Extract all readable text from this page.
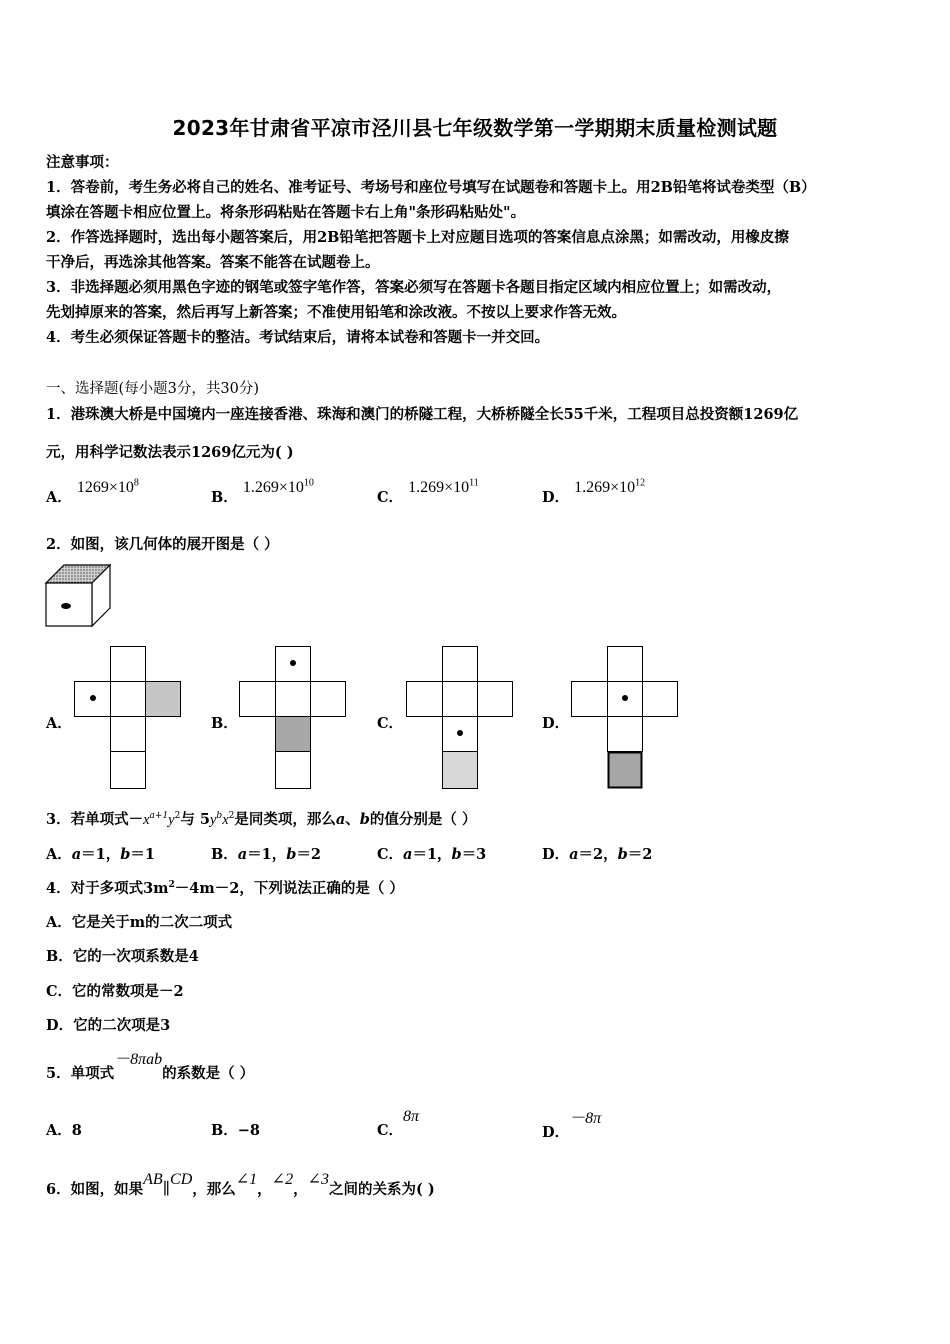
2023年甘肃省平凉市泾川县七年级数学第一学期期末质量检测试题
注意事项：
1．答卷前，考生务必将自己的姓名、准考证号、考场号和座位号填写在试题卷和答题卡上。用2B铅笔将试卷类型（B）
填涂在答题卡相应位置上。将条形码粘贴在答题卡右上角"条形码粘贴处"。
2．作答选择题时，选出每小题答案后，用2B铅笔把答题卡上对应题目选项的答案信息点涂黑；如需改动，用橡皮擦
干净后，再选涂其他答案。答案不能答在试题卷上。
3．非选择题必须用黑色字迹的钢笔或签字笔作答，答案必须写在答题卡各题目指定区域内相应位置上；如需改动，
先划掉原来的答案，然后再写上新答案；不准使用铅笔和涂改液。不按以上要求作答无效。
4．考生必须保证答题卡的整洁。考试结束后，请将本试卷和答题卡一并交回。
一、选择题(每小题3分，共30分)
1．港珠澳大桥是中国境内一座连接香港、珠海和澳门的桥隧工程，大桥桥隧全长55千米，工程项目总投资额1269亿
元，用科学记数法表示1269亿元为( )
A． $1269\times 10^8$
B． $1.269\times 10^{10}$
C． $1.269\times 10^{11}$
D． $1.269\times 10^{12}$
2．如图，该几何体的展开图是（ ）
A．	B．	C．	D．
3．若单项式$-x^{a+1}y^2$与 $5y^bx^2$是同类项，那么a、b的值分别是（ ）
A．a＝1，b＝1	B．a＝1，b＝2	C．a＝1，b＝3	D．a＝2，b＝2
4．对于多项式$3m^2-4m-2$，下列说法正确的是（ ）
A．它是关于m的二次二项式
B．它的一次项系数是4
C．它的常数项是－2
D．它的二次项是3
5．单项式－8πab的系数是（ ）
A．8	B．−8	C．8π
D．－8π
6．如图，如果AB∥CD，那么∠1，∠2，∠3之间的关系为( )
